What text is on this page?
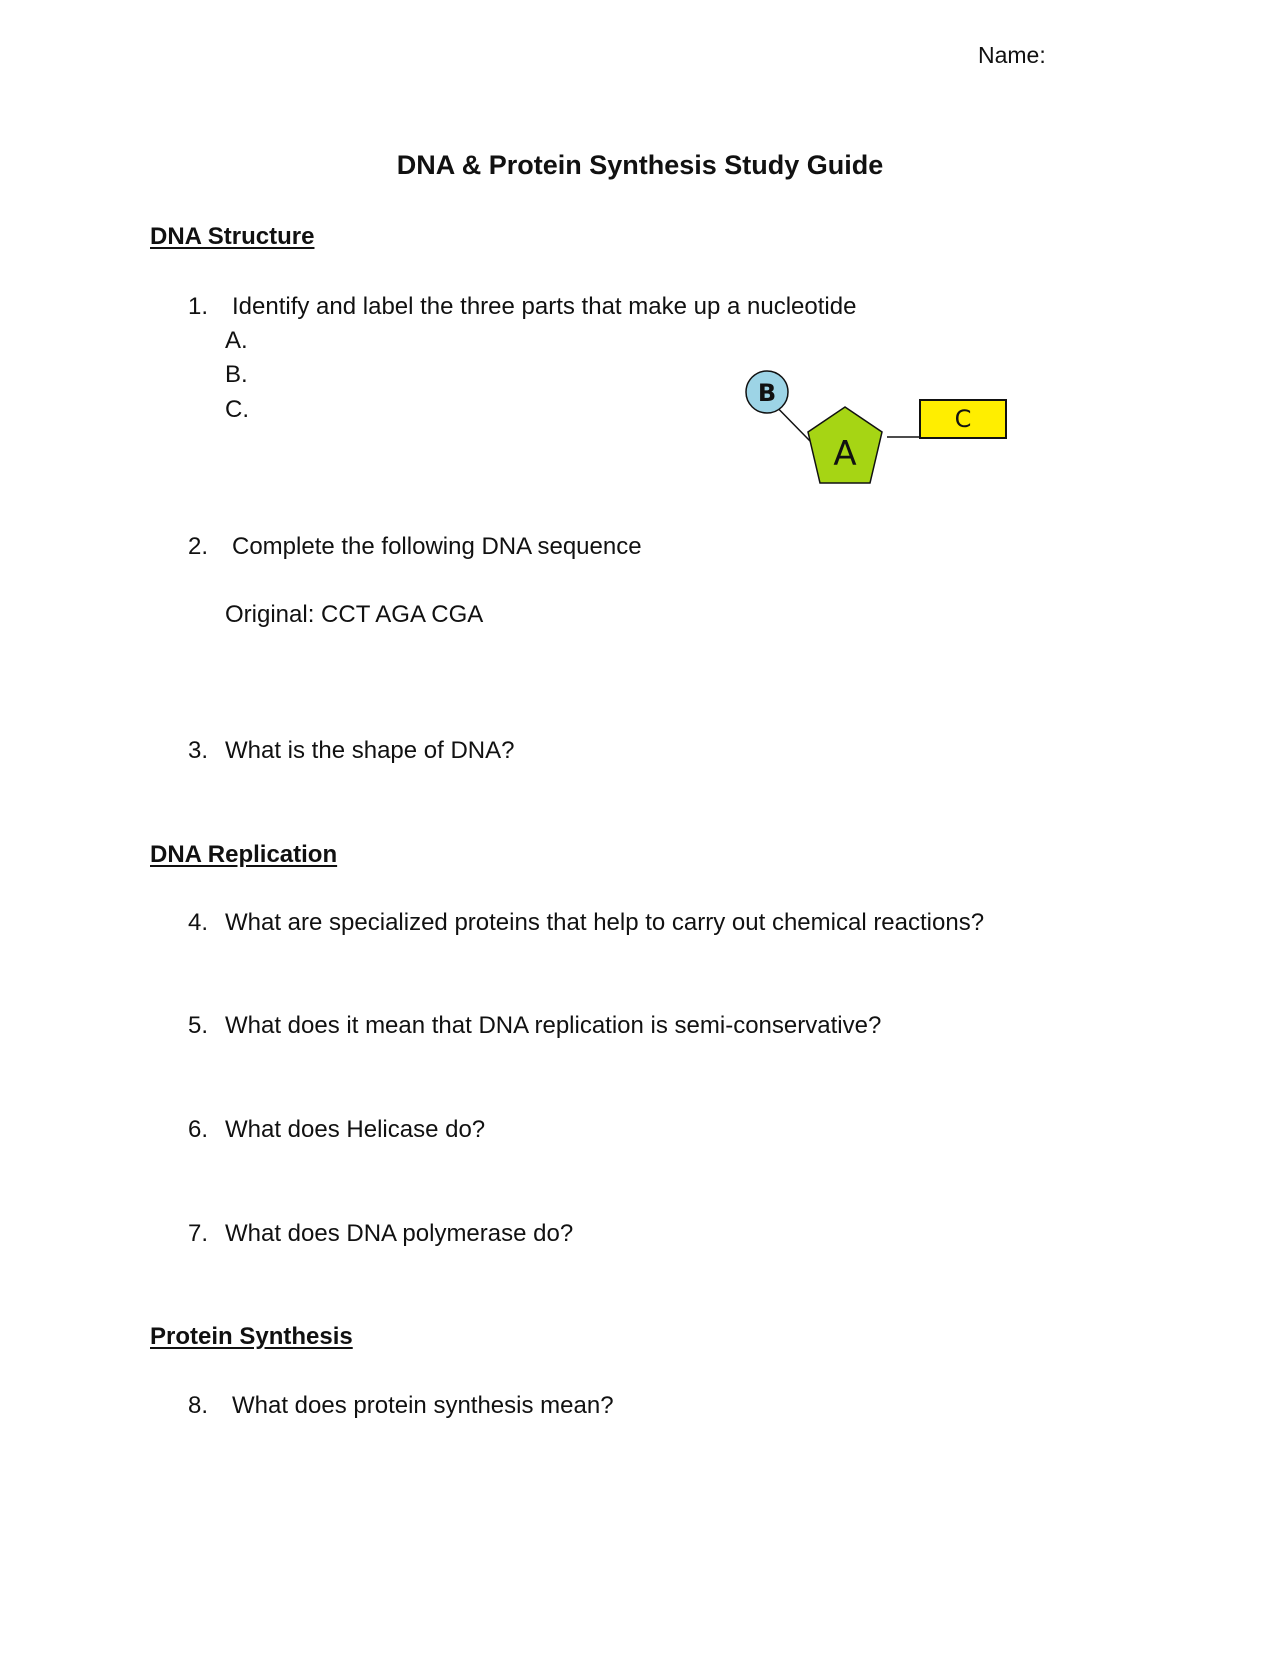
Name:
DNA & Protein Synthesis Study Guide
DNA Structure
1. Identify and label the three parts that make up a nucleotide
A.
B.
C.
A
B
C
2. Complete the following DNA sequence
Original: CCT AGA CGA
3. What is the shape of DNA?
DNA Replication
4. What are specialized proteins that help to carry out chemical reactions?
5. What does it mean that DNA replication is semi-conservative?
6. What does Helicase do?
7. What does DNA polymerase do?
Protein Synthesis
8. What does protein synthesis mean?
